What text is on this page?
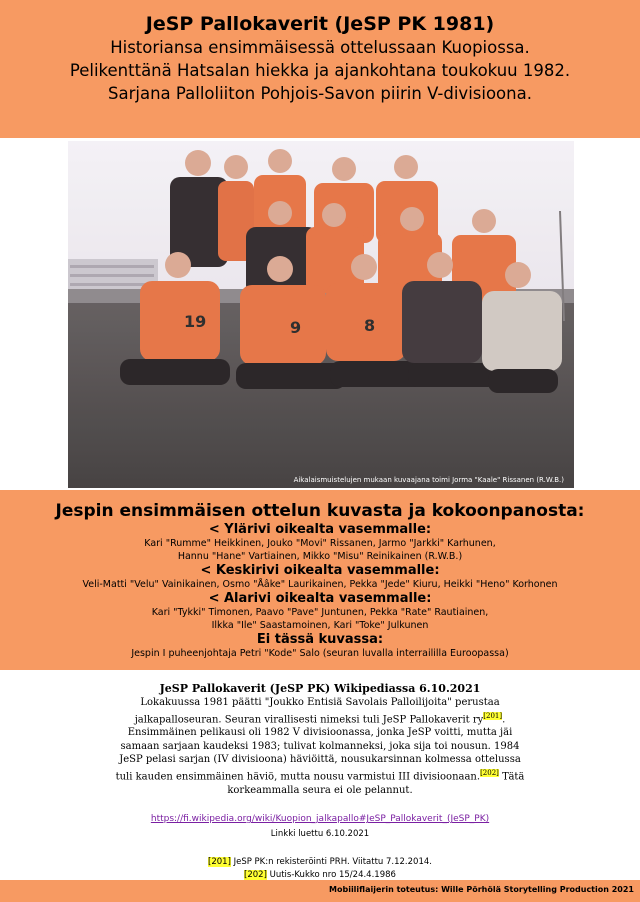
JeSP Pallokaverit (JeSP PK 1981)
Historiansa ensimmäisessä ottelussaan Kuopiossa.
Pelikenttänä Hatsalan hiekka ja ajankohtana toukokuu 1982.
Sarjana Palloliiton Pohjois-Savon piirin V-divisioona.
19	9	8
Aikalaismuistelujen mukaan kuvaajana toimi Jorma "Kaale" Rissanen (R.W.B.)
Jespin ensimmäisen ottelun kuvasta ja kokoonpanosta:
< Ylärivi oikealta vasemmalle:
Kari "Rumme" Heikkinen, Jouko "Movi" Rissanen, Jarmo "Jarkki" Karhunen,
Hannu "Hane" Vartiainen, Mikko "Misu" Reinikainen (R.W.B.)
< Keskirivi oikealta vasemmalle:
Veli-Matti "Velu" Vainikainen, Osmo "Åâke" Laurikainen, Pekka "Jede" Kiuru, Heikki "Heno" Korhonen
< Alarivi oikealta vasemmalle:
Kari "Tykki" Timonen, Paavo "Pave" Juntunen, Pekka "Rate" Rautiainen,
Ilkka "Ile" Saastamoinen, Kari "Toke" Julkunen
Ei tässä kuvassa:
Jespin I puheenjohtaja Petri "Kode" Salo (seuran luvalla interraililla Euroopassa)
JeSP Pallokaverit (JeSP PK) Wikipediassa 6.10.2021
Lokakuussa 1981 päätti "Joukko Entisiä Savolais Palloilijoita" perustaa jalkapalloseuran. Seuran virallisesti nimeksi tuli JeSP Pallokaverit ry[201]. Ensimmäinen pelikausi oli 1982 V divisioonassa, jonka JeSP voitti, mutta jäi samaan sarjaan kaudeksi 1983; tulivat kolmanneksi, joka sija toi nousun. 1984 JeSP pelasi sarjan (IV divisioona) häviöittä, nousukarsinnan kolmessa ottelussa tuli kauden ensimmäinen häviö, mutta nousu varmistui III divisioonaan.[202] Tätä korkeammalla seura ei ole pelannut.
https://fi.wikipedia.org/wiki/Kuopion_jalkapallo#JeSP_Pallokaverit_(JeSP_PK)
Linkki luettu 6.10.2021
[201] JeSP PK:n rekisteröinti PRH. Viitattu 7.12.2014.
[202] Uutis-Kukko nro 15/24.4.1986
Mobiiliflaijerin toteutus: Wille Pörhölä Storytelling Production 2021
